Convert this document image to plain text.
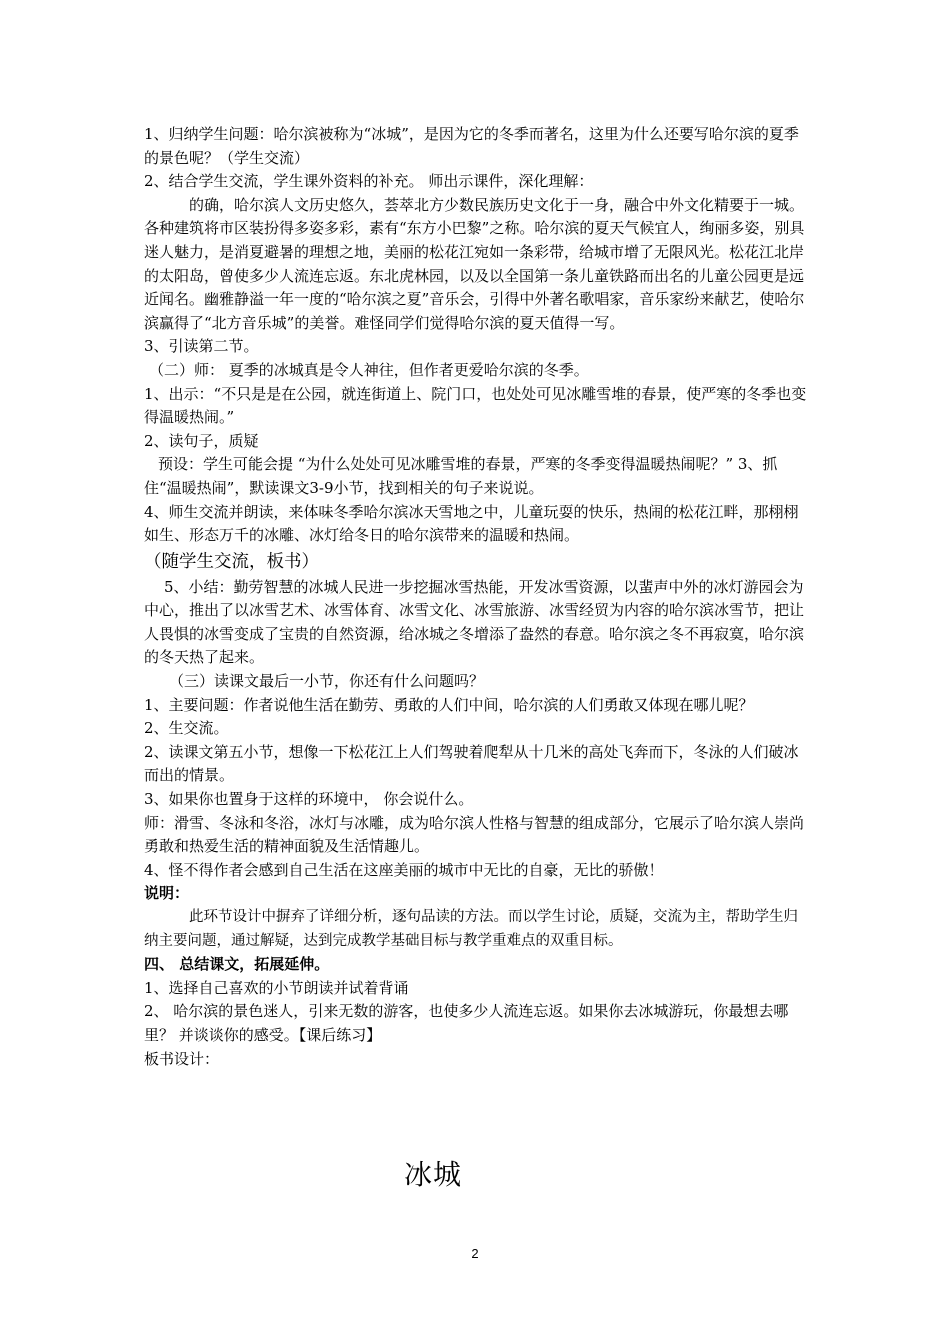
1、归纳学生问题：哈尔滨被称为“冰城”，是因为它的冬季而著名，这里为什么还要写哈尔滨的夏季的景色呢？（学生交流）

2、结合学生交流，学生课外资料的补充。 师出示课件，深化理解：

的确，哈尔滨人文历史悠久，荟萃北方少数民族历史文化于一身，融合中外文化精要于一城。各种建筑将市区装扮得多姿多彩，素有“东方小巴黎”之称。哈尔滨的夏天气候宜人，绚丽多姿，别具迷人魅力，是消夏避暑的理想之地，美丽的松花江宛如一条彩带，给城市增了无限风光。松花江北岸的太阳岛，曾使多少人流连忘返。东北虎林园，以及以全国第一条儿童铁路而出名的儿童公园更是远近闻名。幽雅静溢一年一度的“哈尔滨之夏”音乐会，引得中外著名歌唱家，音乐家纷来献艺，使哈尔滨赢得了“北方音乐城”的美誉。难怪同学们觉得哈尔滨的夏天值得一写。

3、引读第二节。

（二）师： 夏季的冰城真是令人神往，但作者更爱哈尔滨的冬季。

1、出示：“不只是是在公园，就连街道上、院门口，也处处可见冰雕雪堆的春景，使严寒的冬季也变得温暖热闹。”

2、读句子，质疑

预设：学生可能会提 “为什么处处可见冰雕雪堆的春景，严寒的冬季变得温暖热闹呢？” 3、抓住“温暖热闹”，默读课文3-9小节，找到相关的句子来说说。

4、师生交流并朗读，来体味冬季哈尔滨冰天雪地之中，儿童玩耍的快乐，热闹的松花江畔，那栩栩如生、形态万千的冰雕、冰灯给冬日的哈尔滨带来的温暖和热闹。

（随学生交流，板书）

5、小结：勤劳智慧的冰城人民进一步挖掘冰雪热能，开发冰雪资源，以蜚声中外的冰灯游园会为中心，推出了以冰雪艺术、冰雪体育、冰雪文化、冰雪旅游、冰雪经贸为内容的哈尔滨冰雪节，把让人畏惧的冰雪变成了宝贵的自然资源，给冰城之冬增添了盎然的春意。哈尔滨之冬不再寂寞，哈尔滨的冬天热了起来。

（三）读课文最后一小节，你还有什么问题吗？

1、主要问题：作者说他生活在勤劳、勇敢的人们中间，哈尔滨的人们勇敢又体现在哪儿呢？

2、生交流。

2、读课文第五小节，想像一下松花江上人们驾驶着爬犁从十几米的高处飞奔而下，冬泳的人们破冰而出的情景。

3、如果你也置身于这样的环境中， 你会说什么。

师：滑雪、冬泳和冬浴，冰灯与冰雕，成为哈尔滨人性格与智慧的组成部分，它展示了哈尔滨人崇尚勇敢和热爱生活的精神面貌及生活情趣儿。

4、怪不得作者会感到自己生活在这座美丽的城市中无比的自豪，无比的骄傲！

说明：

此环节设计中摒弃了详细分析，逐句品读的方法。而以学生讨论，质疑，交流为主，帮助学生归纳主要问题，通过解疑，达到完成教学基础目标与教学重难点的双重目标。

四、 总结课文，拓展延伸。

1、选择自己喜欢的小节朗读并试着背诵

2、 哈尔滨的景色迷人，引来无数的游客，也使多少人流连忘返。如果你去冰城游玩，你最想去哪里？ 并谈谈你的感受。【课后练习】

板书设计：

冰城
2
